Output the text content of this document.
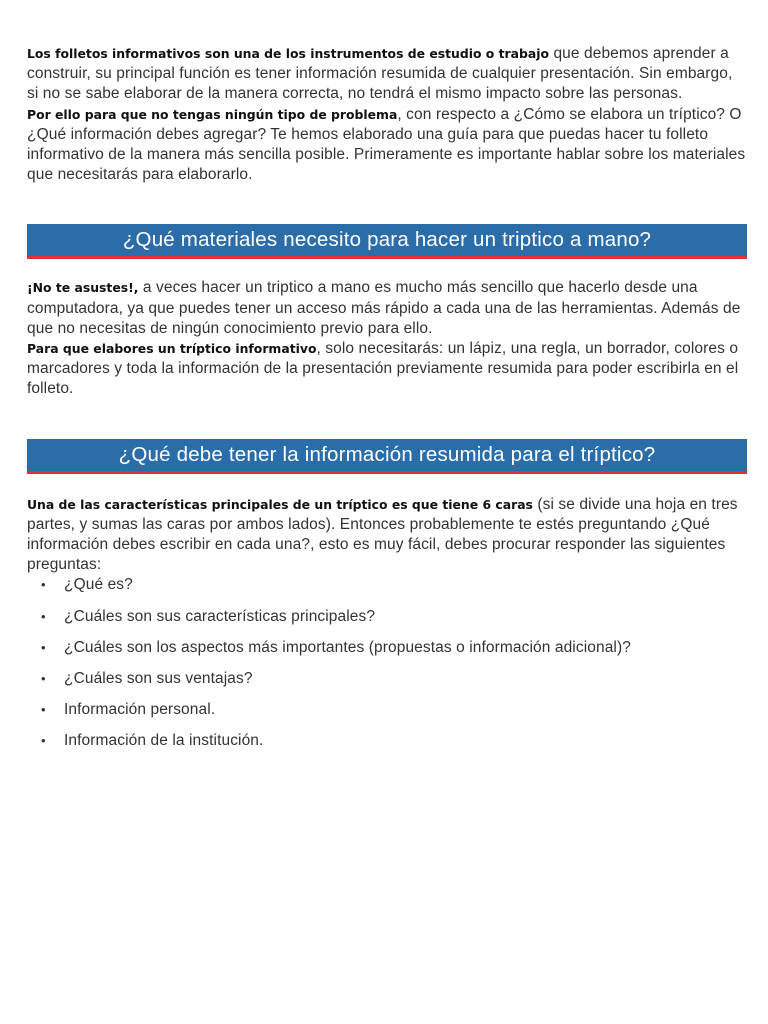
Los folletos informativos son una de los instrumentos de estudio o trabajo que debemos aprender a construir, su principal función es tener información resumida de cualquier presentación. Sin embargo, si no se sabe elaborar de la manera correcta, no tendrá el mismo impacto sobre las personas.

Por ello para que no tengas ningún tipo de problema, con respecto a ¿Cómo se elabora un tríptico? O ¿Qué información debes agregar? Te hemos elaborado una guía para que puedas hacer tu folleto informativo de la manera más sencilla posible. Primeramente es importante hablar sobre los materiales que necesitarás para elaborarlo.

¿Qué materiales necesito para hacer un triptico a mano?

¡No te asustes!, a veces hacer un triptico a mano es mucho más sencillo que hacerlo desde una computadora, ya que puedes tener un acceso más rápido a cada una de las herramientas. Además de que no necesitas de ningún conocimiento previo para ello.

Para que elabores un tríptico informativo, solo necesitarás: un lápiz, una regla, un borrador, colores o marcadores y toda la información de la presentación previamente resumida para poder escribirla en el folleto.

¿Qué debe tener la información resumida para el tríptico?

Una de las características principales de un tríptico es que tiene 6 caras (si se divide una hoja en tres partes, y sumas las caras por ambos lados). Entonces probablemente te estés preguntando ¿Qué información debes escribir en cada una?, esto es muy fácil, debes procurar responder las siguientes preguntas:

• ¿Qué es?
• ¿Cuáles son sus características principales?
• ¿Cuáles son los aspectos más importantes (propuestas o información adicional)?
• ¿Cuáles son sus ventajas?
• Información personal.
• Información de la institución.
